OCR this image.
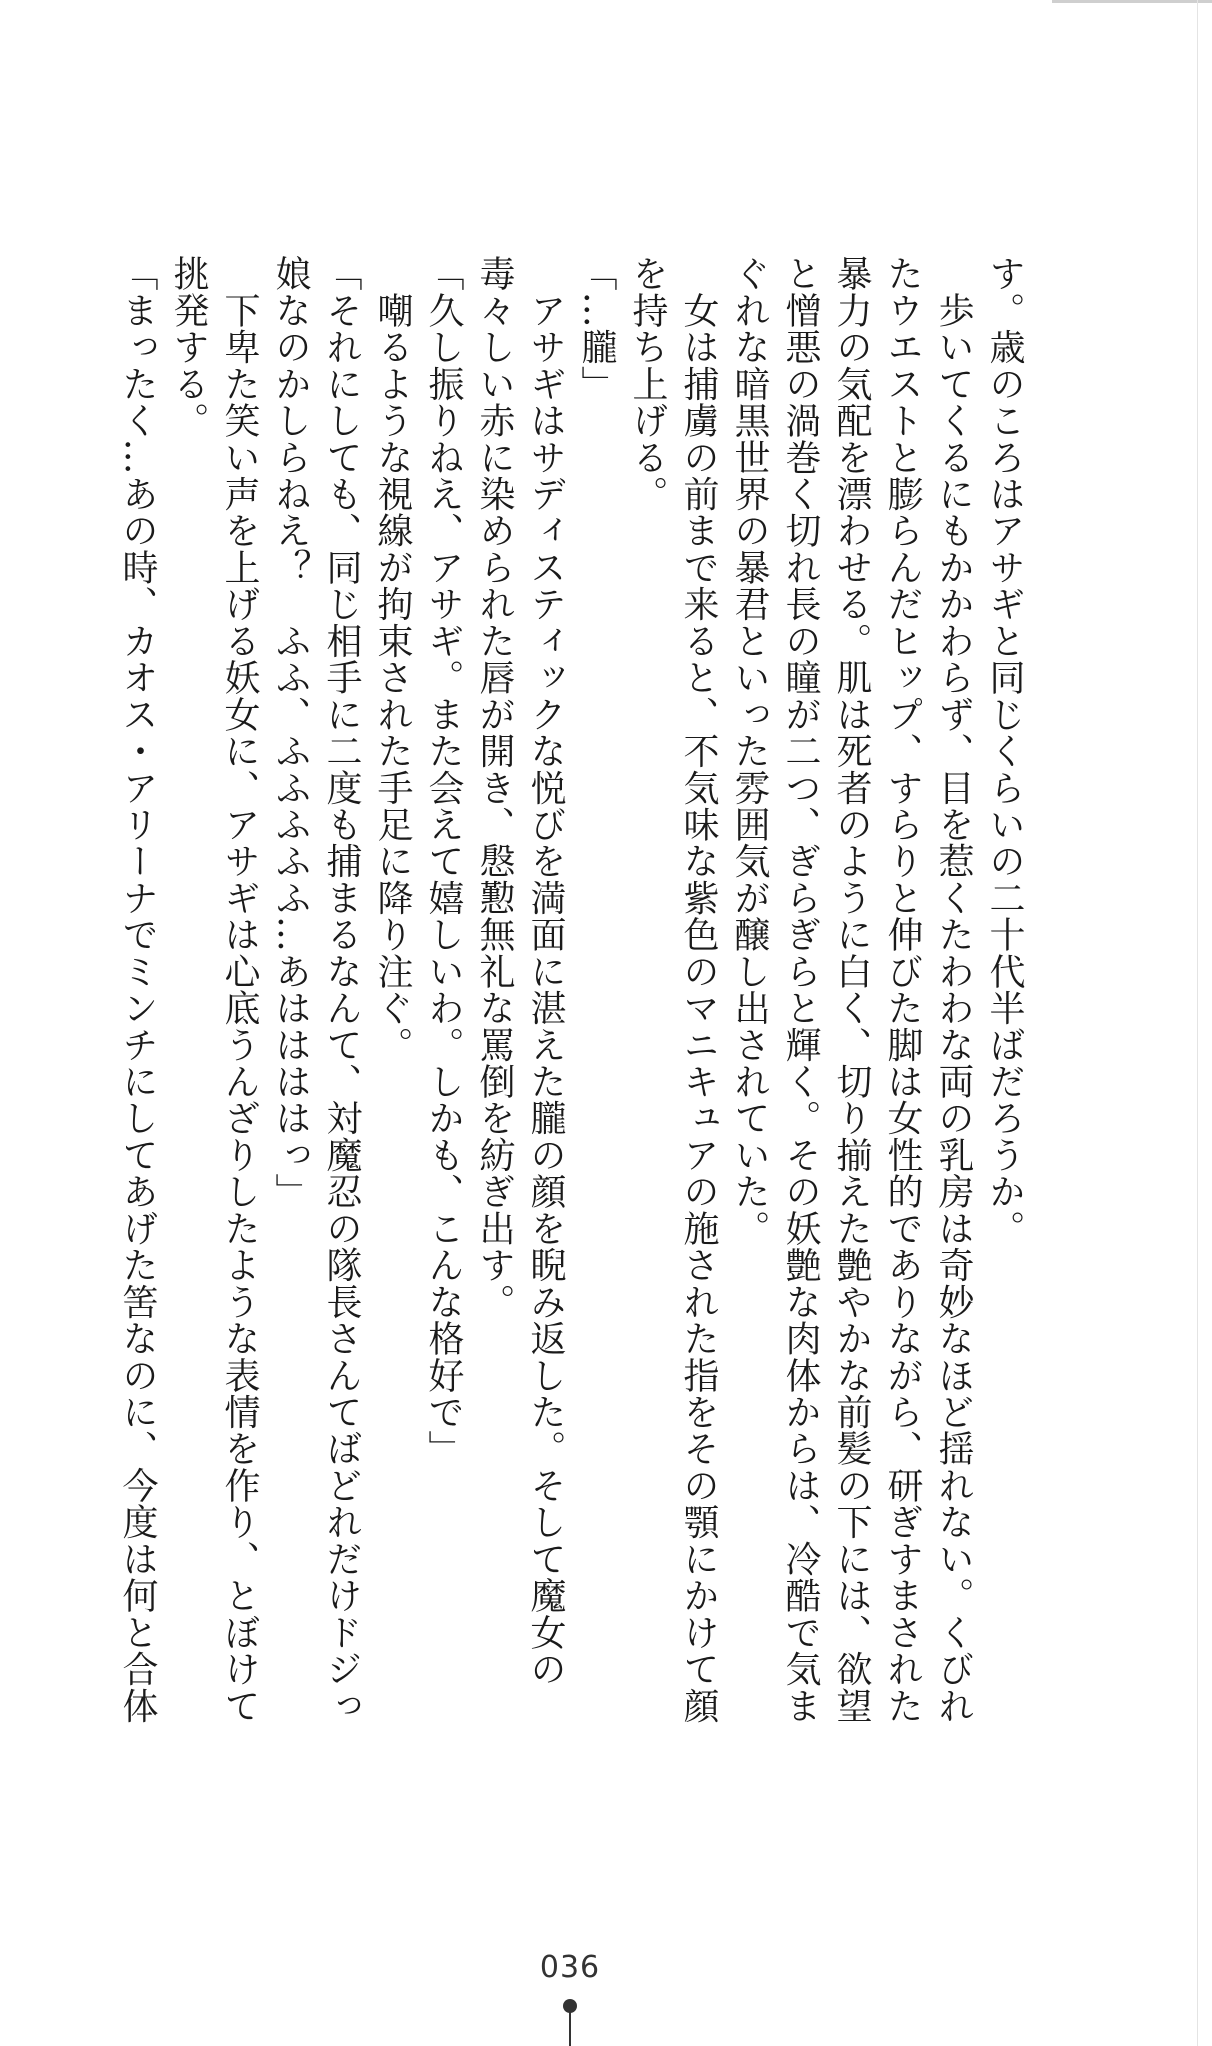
す。歳のころはアサギと同じくらいの二十代半ばだろうか。
　歩いてくるにもかかわらず、目を惹くたわわな両の乳房は奇妙なほど揺れない。くびれ
たウエストと膨らんだヒップ、すらりと伸びた脚は女性的でありながら、研ぎすまされた
暴力の気配を漂わせる。肌は死者のように白く、切り揃えた艶やかな前髪の下には、欲望
と憎悪の渦巻く切れ長の瞳が二つ、ぎらぎらと輝く。その妖艶な肉体からは、冷酷で気ま
ぐれな暗黒世界の暴君といった雰囲気が醸し出されていた。
　女は捕虜の前まで来ると、不気味な紫色のマニキュアの施された指をその顎にかけて顔
を持ち上げる。
「…朧」
　アサギはサディスティックな悦びを満面に湛えた朧の顔を睨み返した。そして魔女の
毒々しい赤に染められた唇が開き、慇懃無礼な罵倒を紡ぎ出す。
「久し振りねえ、アサギ。また会えて嬉しいわ。しかも、こんな格好で」
　嘲るような視線が拘束された手足に降り注ぐ。
「それにしても、同じ相手に二度も捕まるなんて、対魔忍の隊長さんてばどれだけドジっ
娘なのかしらねえ？　ふふ、ふふふふふ…あははははっ」
　下卑た笑い声を上げる妖女に、アサギは心底うんざりしたような表情を作り、とぼけて
挑発する。
「まったく…あの時、カオス・アリーナでミンチにしてあげた筈なのに、今度は何と合体
036
